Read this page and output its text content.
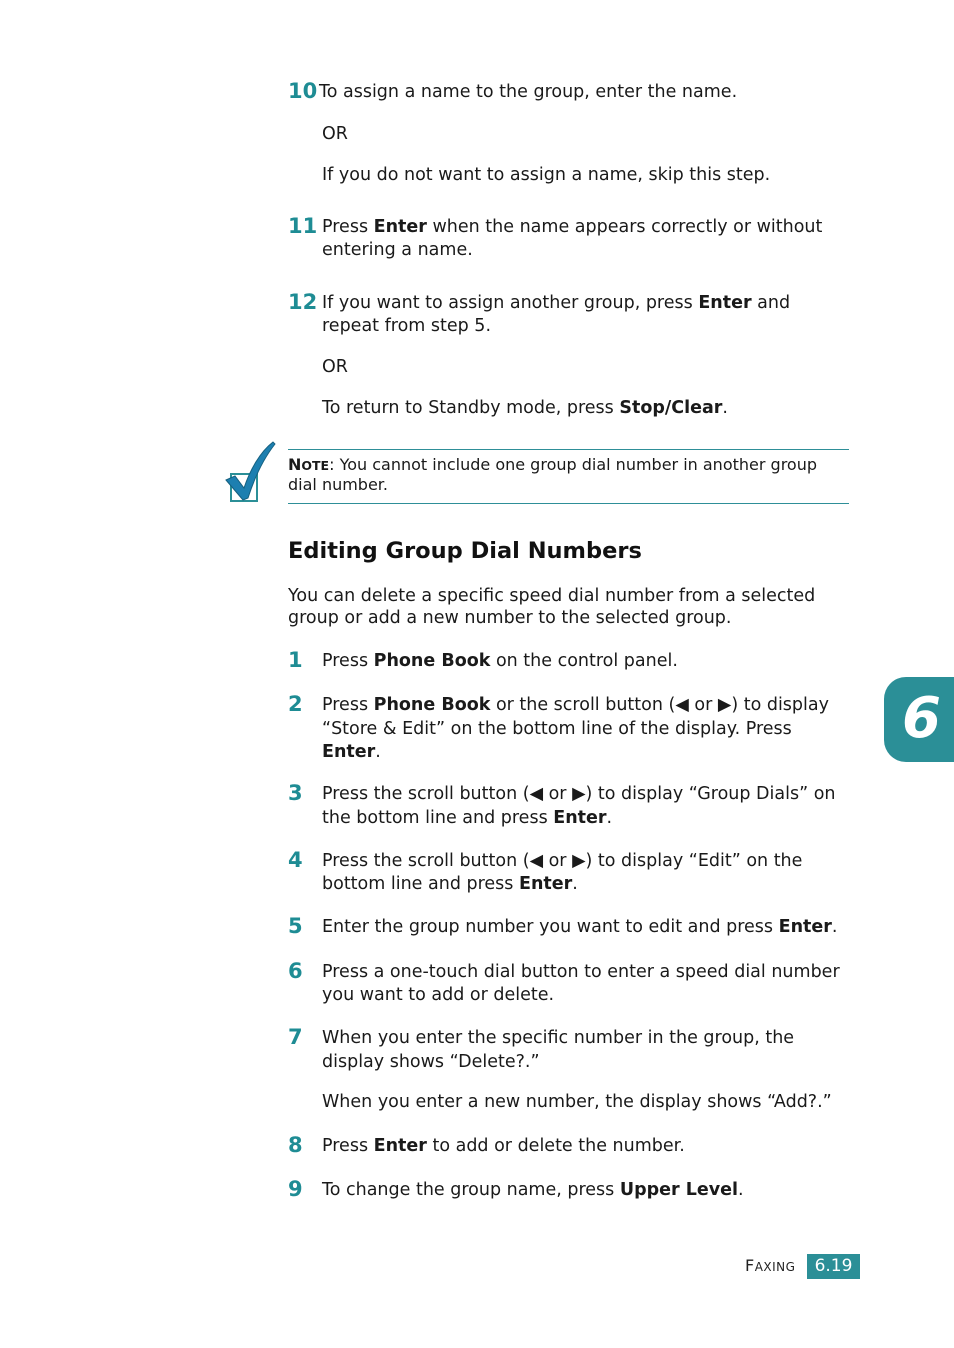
10 To assign a name to the group, enter the name.
OR
If you do not want to assign a name, skip this step.
11 Press Enter when the name appears correctly or without
entering a name.
12 If you want to assign another group, press Enter and
repeat from step 5.
OR
To return to Standby mode, press Stop/Clear.
NOTE: You cannot include one group dial number in another group
dial number.
Editing Group Dial Numbers
You can delete a specific speed dial number from a selected
group or add a new number to the selected group.
1 Press Phone Book on the control panel.
2 Press Phone Book or the scroll button (◀ or ▶) to display
“Store & Edit” on the bottom line of the display. Press
Enter.
3 Press the scroll button (◀ or ▶) to display “Group Dials” on
the bottom line and press Enter.
4 Press the scroll button (◀ or ▶) to display “Edit” on the
bottom line and press Enter.
5 Enter the group number you want to edit and press Enter.
6 Press a one-touch dial button to enter a speed dial number
you want to add or delete.
7 When you enter the specific number in the group, the
display shows “Delete?.”
When you enter a new number, the display shows “Add?.”
8 Press Enter to add or delete the number.
9 To change the group name, press Upper Level.
6
FAXING	6.19
